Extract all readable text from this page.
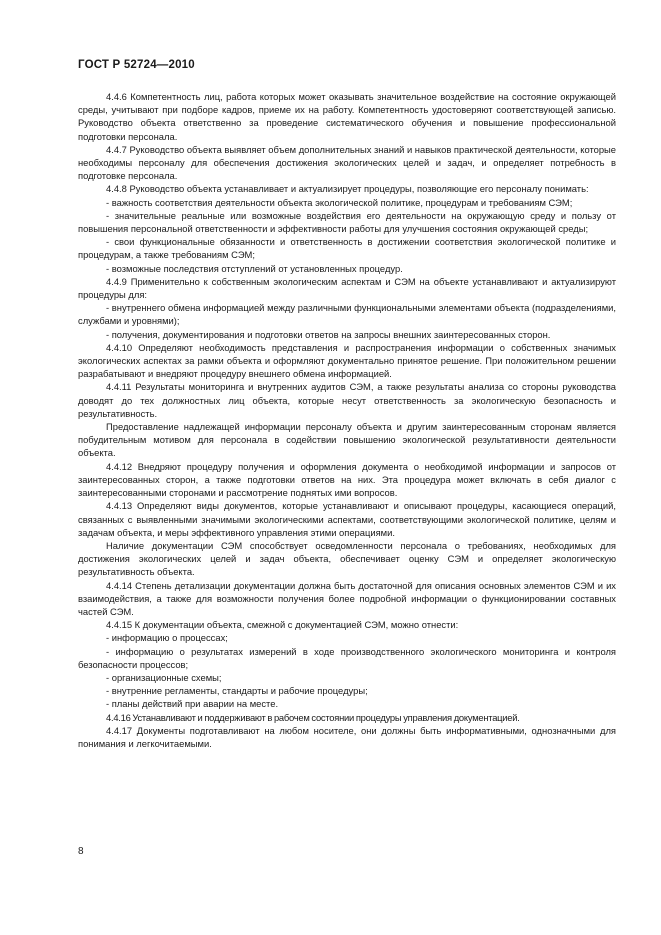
ГОСТ Р 52724—2010

4.4.6 Компетентность лиц, работа которых может оказывать значительное воздействие на состояние окружающей среды, учитывают при подборе кадров, приеме их на работу. Компетентность удостоверяют соответствующей записью. Руководство объекта ответственно за проведение систематического обучения и повышение профессиональной подготовки персонала.

4.4.7 Руководство объекта выявляет объем дополнительных знаний и навыков практической деятельности, которые необходимы персоналу для обеспечения достижения экологических целей и задач, и определяет потребность в подготовке персонала.

4.4.8 Руководство объекта устанавливает и актуализирует процедуры, позволяющие его персоналу понимать:

- важность соответствия деятельности объекта экологической политике, процедурам и требованиям СЭМ;

- значительные реальные или возможные воздействия его деятельности на окружающую среду и пользу от повышения персональной ответственности и эффективности работы для улучшения состояния окружающей среды;

- свои функциональные обязанности и ответственность в достижении соответствия экологической политике и процедурам, а также требованиям СЭМ;

- возможные последствия отступлений от установленных процедур.

4.4.9 Применительно к собственным экологическим аспектам и СЭМ на объекте устанавливают и актуализируют процедуры для:

- внутреннего обмена информацией между различными функциональными элементами объекта (подразделениями, службами и уровнями);

- получения, документирования и подготовки ответов на запросы внешних заинтересованных сторон.

4.4.10 Определяют необходимость представления и распространения информации о собственных значимых экологических аспектах за рамки объекта и оформляют документально принятое решение. При положительном решении разрабатывают и внедряют процедуру внешнего обмена информацией.

4.4.11 Результаты мониторинга и внутренних аудитов СЭМ, а также результаты анализа со стороны руководства доводят до тех должностных лиц объекта, которые несут ответственность за экологическую безопасность и результативность.

Предоставление надлежащей информации персоналу объекта и другим заинтересованным сторонам является побудительным мотивом для персонала в содействии повышению экологической результативности деятельности объекта.

4.4.12 Внедряют процедуру получения и оформления документа о необходимой информации и запросов от заинтересованных сторон, а также подготовки ответов на них. Эта процедура может включать в себя диалог с заинтересованными сторонами и рассмотрение поднятых ими вопросов.

4.4.13 Определяют виды документов, которые устанавливают и описывают процедуры, касающиеся операций, связанных с выявленными значимыми экологическими аспектами, соответствующими экологической политике, целям и задачам объекта, и меры эффективного управления этими операциями.

Наличие документации СЭМ способствует осведомленности персонала о требованиях, необходимых для достижения экологических целей и задач объекта, обеспечивает оценку СЭМ и определяет экологическую результативность объекта.

4.4.14 Степень детализации документации должна быть достаточной для описания основных элементов СЭМ и их взаимодействия, а также для возможности получения более подробной информации о функционировании составных частей СЭМ.

4.4.15 К документации объекта, смежной с документацией СЭМ, можно отнести:

- информацию о процессах;

- информацию о результатах измерений в ходе производственного экологического мониторинга и контроля безопасности процессов;

- организационные схемы;

- внутренние регламенты, стандарты и рабочие процедуры;

- планы действий при аварии на месте.

4.4.16 Устанавливают и поддерживают в рабочем состоянии процедуры управления документацией.

4.4.17 Документы подготавливают на любом носителе, они должны быть информативными, однозначными для понимания и легкочитаемыми.

8
